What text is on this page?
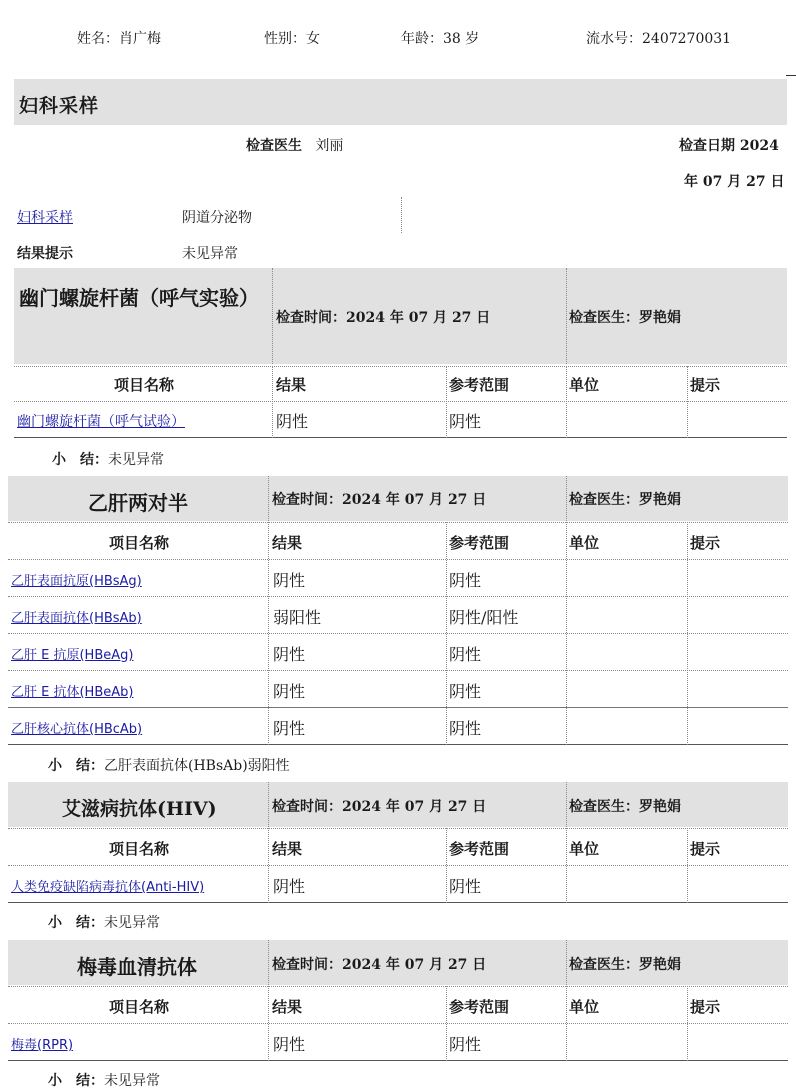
姓名：肖广梅	性别：女	年龄：38 岁	流水号：2407270031
妇科采样
检查医生 刘丽	检查日期 2024
年 07 月 27 日
妇科采样	阴道分泌物
结果提示	未见异常
幽门螺旋杆菌（呼气实验）
检查时间：2024 年 07 月 27 日	检查医生：罗艳娟
项目名称	结果	参考范围	单位	提示
幽门螺旋杆菌（呼气试验）	阴性	阴性
小　结：未见异常
乙肝两对半	检查时间：2024 年 07 月 27 日	检查医生：罗艳娟
项目名称	结果	参考范围	单位	提示
乙肝表面抗原(HBsAg)	阴性	阴性
乙肝表面抗体(HBsAb)	弱阳性	阴性/阳性
乙肝 E 抗原(HBeAg)	阴性	阴性
乙肝 E 抗体(HBeAb)	阴性	阴性
乙肝核心抗体(HBcAb)	阴性	阴性
小　结：乙肝表面抗体(HBsAb)弱阳性
艾滋病抗体(HIV)	检查时间：2024 年 07 月 27 日	检查医生：罗艳娟
项目名称	结果	参考范围	单位	提示
人类免疫缺陷病毒抗体(Anti-HIV)	阴性	阴性
小　结：未见异常
梅毒血清抗体	检查时间：2024 年 07 月 27 日	检查医生：罗艳娟
项目名称	结果	参考范围	单位	提示
梅毒(RPR)	阴性	阴性
小　结：未见异常
